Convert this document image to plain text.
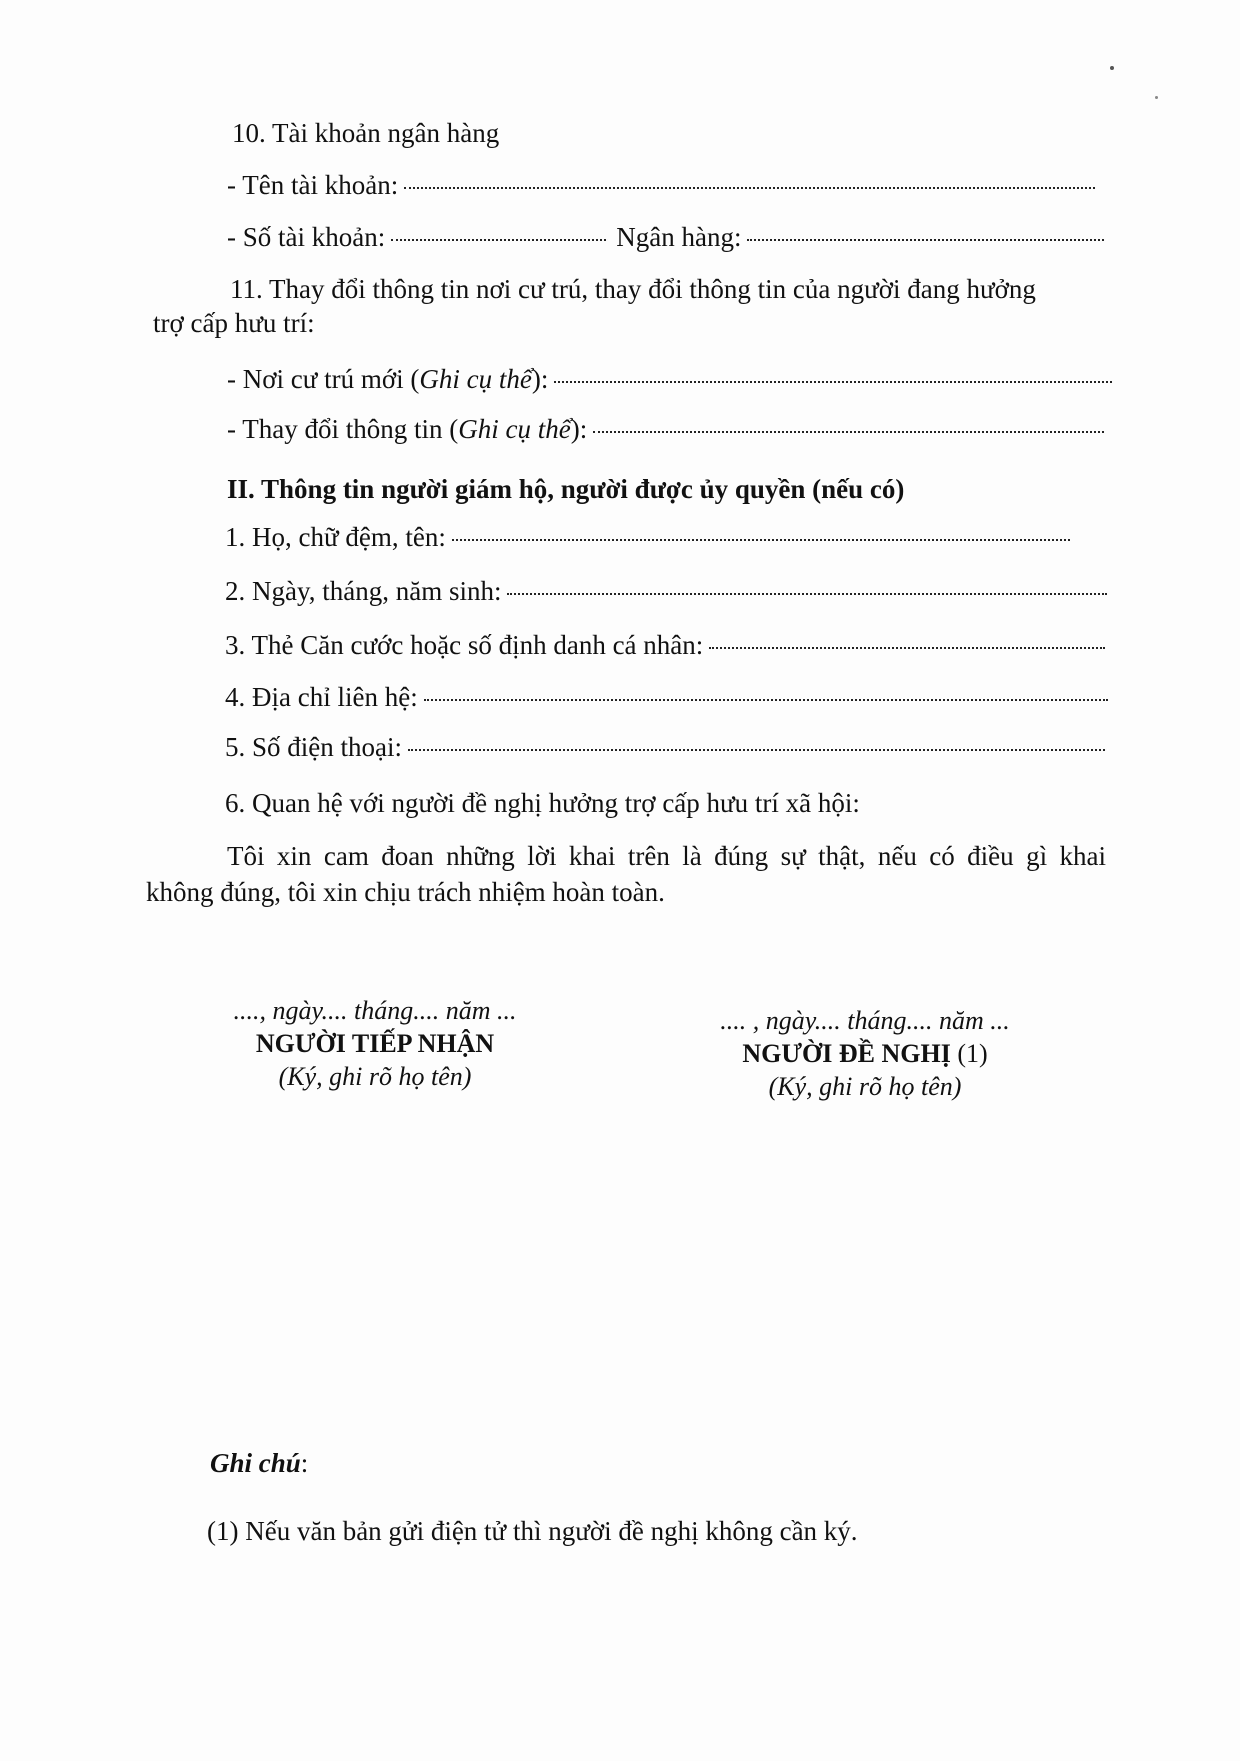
10. Tài khoản ngân hàng
- Tên tài khoản:
- Số tài khoản:	Ngân hàng:
11. Thay đổi thông tin nơi cư trú, thay đổi thông tin của người đang hưởng
trợ cấp hưu trí:
- Nơi cư trú mới (Ghi cụ thể):
- Thay đổi thông tin (Ghi cụ thể):
II. Thông tin người giám hộ, người được ủy quyền (nếu có)
1. Họ, chữ đệm, tên:
2. Ngày, tháng, năm sinh:
3. Thẻ Căn cước hoặc số định danh cá nhân:
4. Địa chỉ liên hệ:
5. Số điện thoại:
6. Quan hệ với người đề nghị hưởng trợ cấp hưu trí xã hội:
Tôi xin cam đoan những lời khai trên là đúng sự thật, nếu có điều gì khai
không đúng, tôi xin chịu trách nhiệm hoàn toàn.
...., ngày.... tháng.... năm ...
NGƯỜI TIẾP NHẬN
(Ký, ghi rõ họ tên)
.... , ngày.... tháng.... năm ...
NGƯỜI ĐỀ NGHỊ (1)
(Ký, ghi rõ họ tên)
Ghi chú:
(1) Nếu văn bản gửi điện tử thì người đề nghị không cần ký.
